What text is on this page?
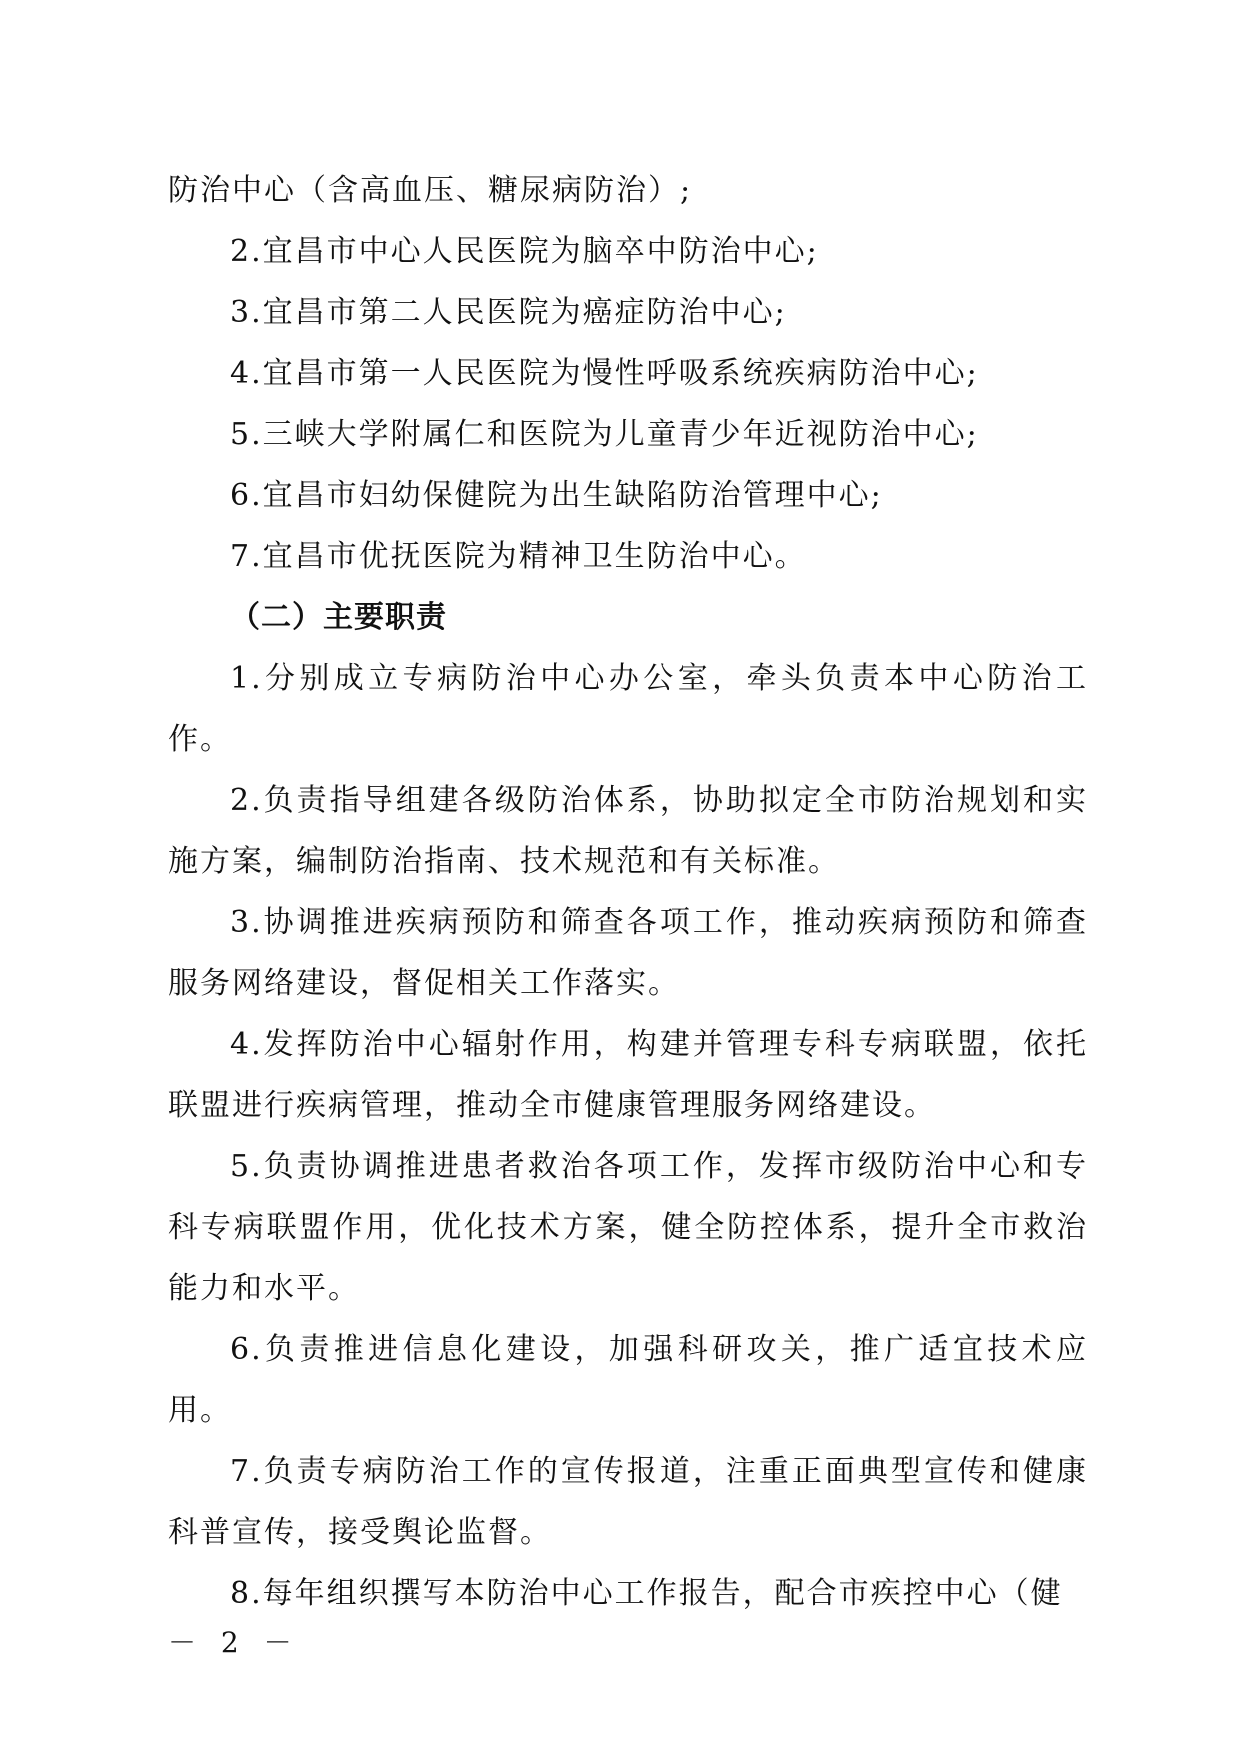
防治中心（含高血压、糖尿病防治）;

2.宜昌市中心人民医院为脑卒中防治中心;

3.宜昌市第二人民医院为癌症防治中心;

4.宜昌市第一人民医院为慢性呼吸系统疾病防治中心;

5.三峡大学附属仁和医院为儿童青少年近视防治中心;

6.宜昌市妇幼保健院为出生缺陷防治管理中心;

7.宜昌市优抚医院为精神卫生防治中心。

（二）主要职责

1.分别成立专病防治中心办公室，牵头负责本中心防治工作。

2.负责指导组建各级防治体系，协助拟定全市防治规划和实施方案，编制防治指南、技术规范和有关标准。

3.协调推进疾病预防和筛查各项工作，推动疾病预防和筛查服务网络建设，督促相关工作落实。

4.发挥防治中心辐射作用，构建并管理专科专病联盟，依托联盟进行疾病管理，推动全市健康管理服务网络建设。

5.负责协调推进患者救治各项工作，发挥市级防治中心和专科专病联盟作用，优化技术方案，健全防控体系，提升全市救治能力和水平。

6.负责推进信息化建设，加强科研攻关，推广适宜技术应用。

7.负责专病防治工作的宣传报道，注重正面典型宣传和健康科普宣传，接受舆论监督。

8.每年组织撰写本防治中心工作报告，配合市疾控中心（健

－ 2 －
